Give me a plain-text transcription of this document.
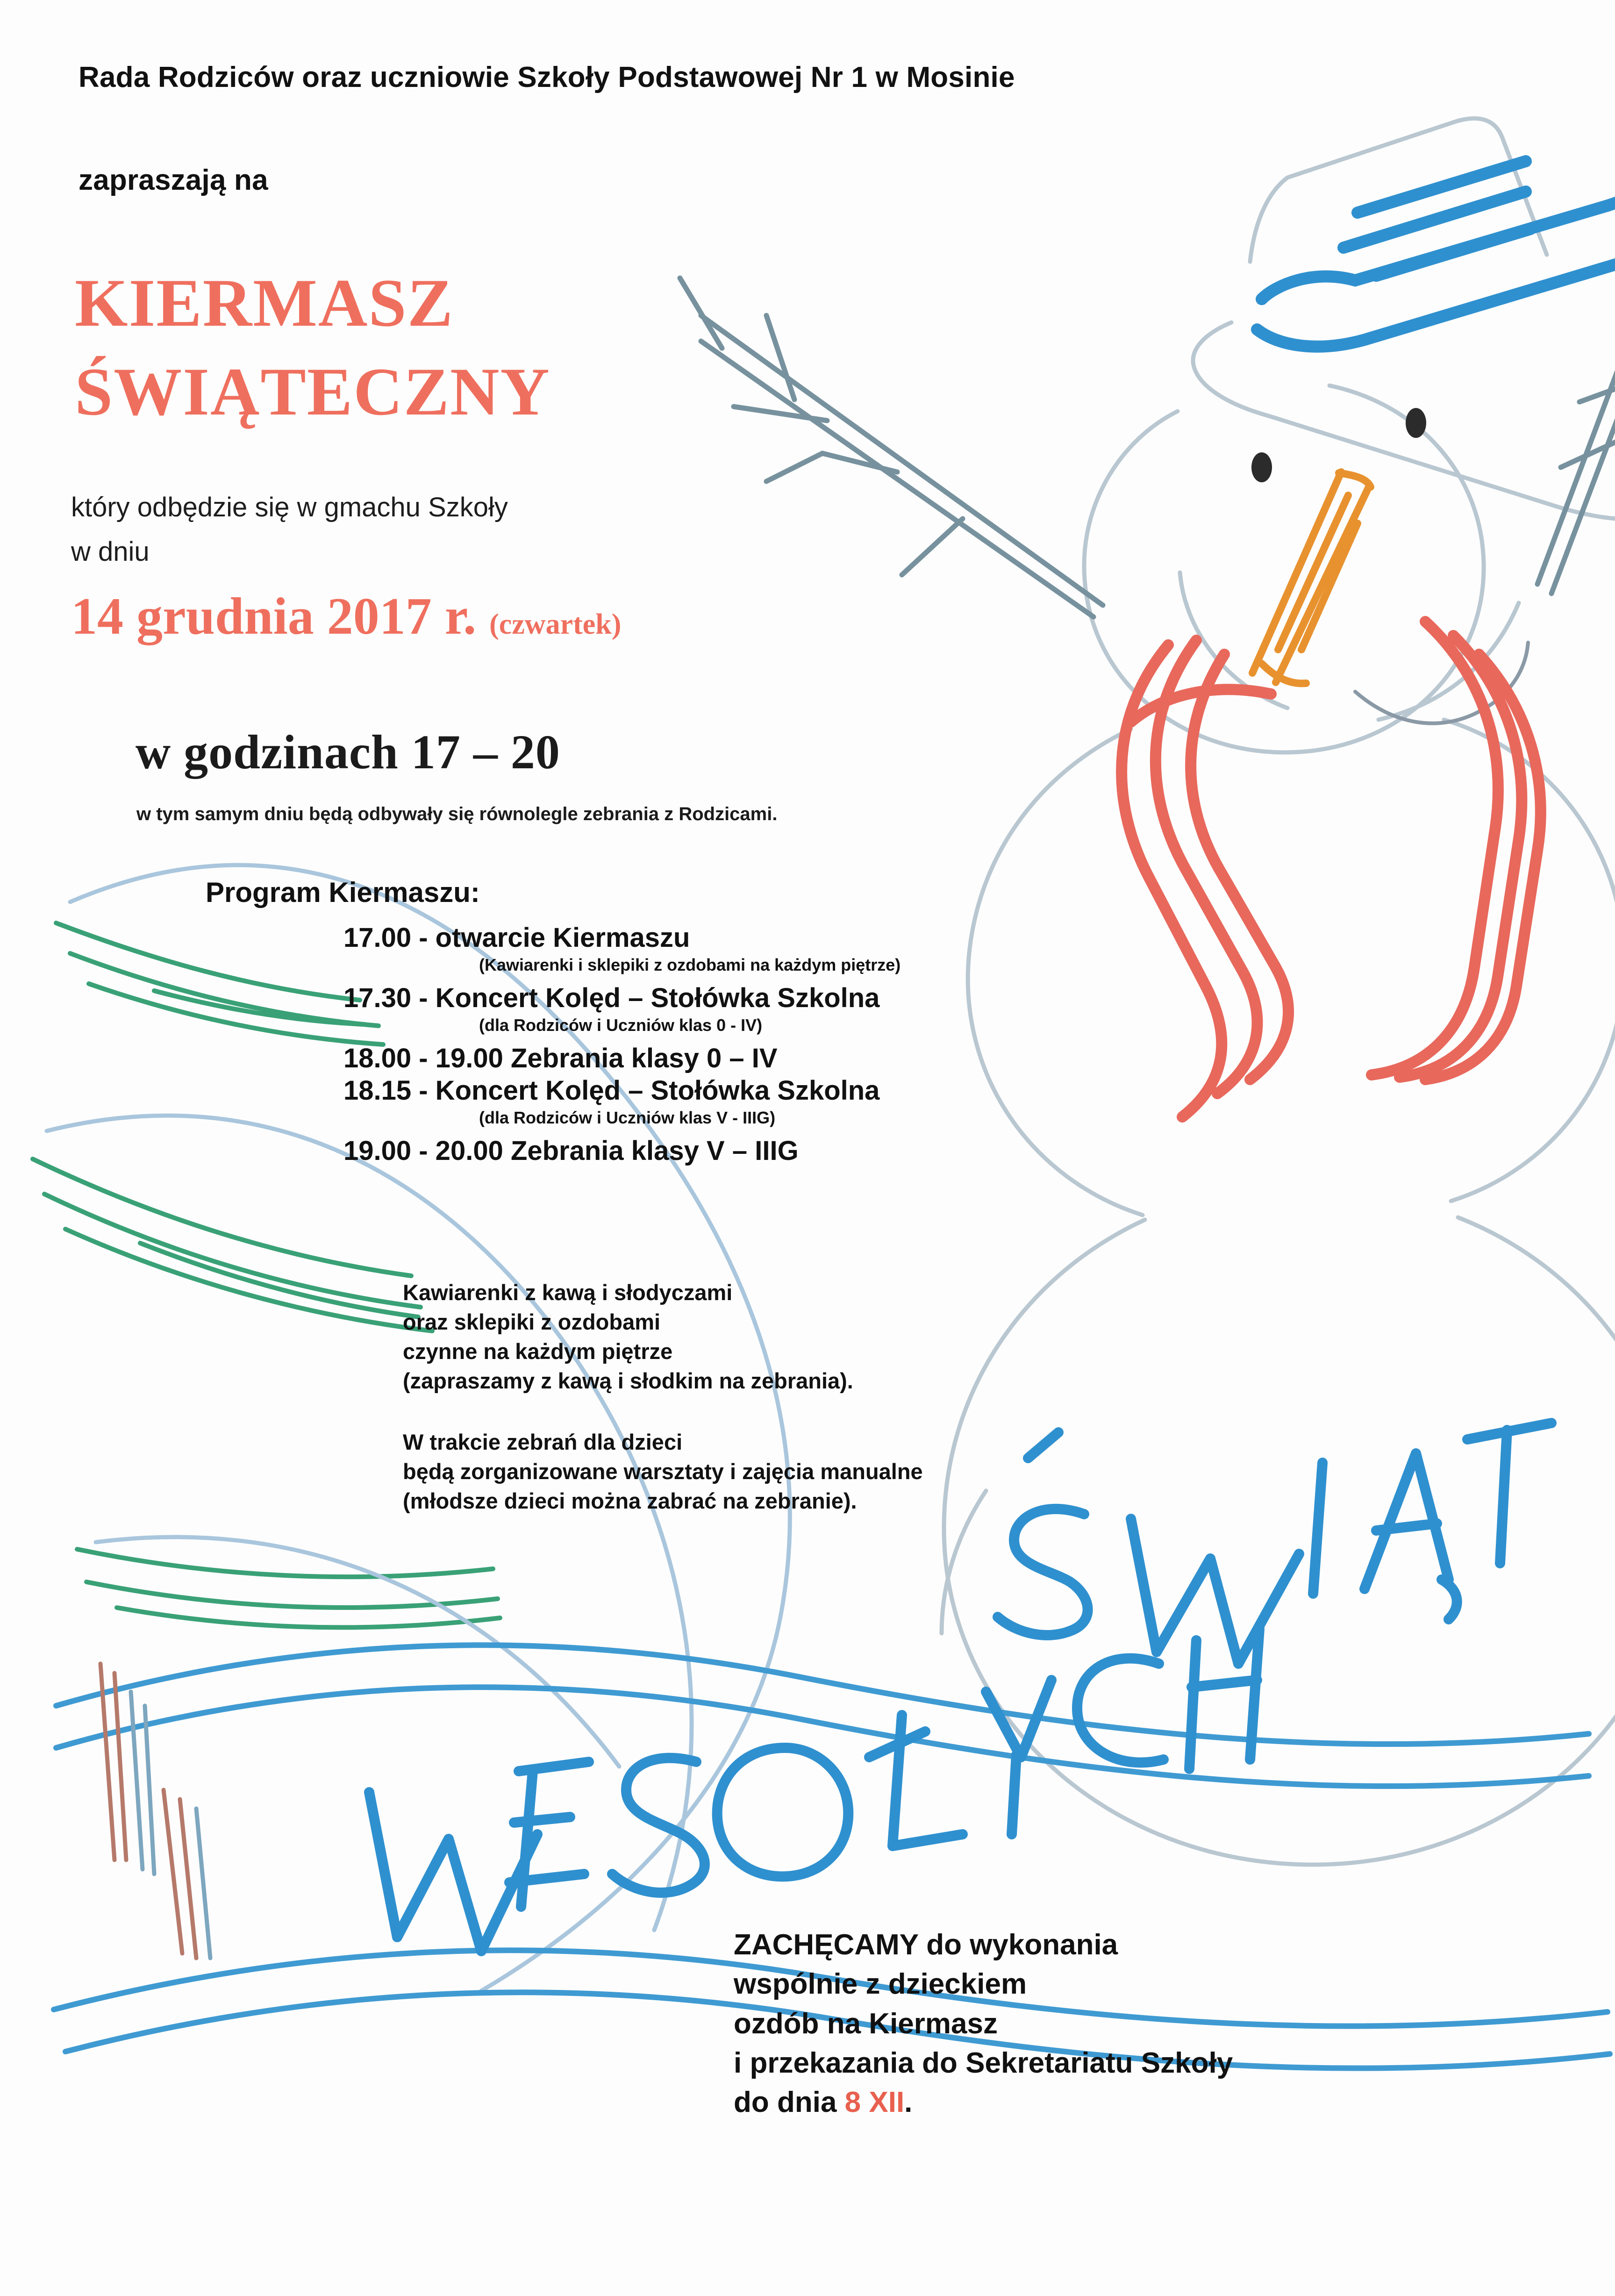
Rada Rodziców oraz uczniowie Szkoły Podstawowej Nr 1 w Mosinie
zapraszają na
KIERMASZ
ŚWIĄTECZNY
który odbędzie się w gmachu Szkoły
w dniu
14 grudnia 2017 r. (czwartek)
w godzinach 17 – 20
w tym samym dniu będą odbywały się równolegle zebrania z Rodzicami.
Program Kiermaszu:
17.00 - otwarcie Kiermaszu
(Kawiarenki i sklepiki z ozdobami na każdym piętrze)
17.30 - Koncert Kolęd – Stołówka Szkolna
(dla Rodziców i Uczniów klas 0 - IV)
18.00 - 19.00 Zebrania klasy 0 – IV
18.15 - Koncert Kolęd – Stołówka Szkolna
(dla Rodziców i Uczniów klas V - IIIG)
19.00 - 20.00 Zebrania klasy V – IIIG
Kawiarenki z kawą i słodyczami
oraz sklepiki z ozdobami
czynne na każdym piętrze
(zapraszamy z kawą i słodkim na zebrania).
W trakcie zebrań dla dzieci
będą zorganizowane warsztaty i zajęcia manualne
(młodsze dzieci można zabrać na zebranie).
ZACHĘCAMY do wykonania
wspólnie z dzieckiem
ozdób na Kiermasz
i przekazania do Sekretariatu Szkoły
do dnia 8 XII.
